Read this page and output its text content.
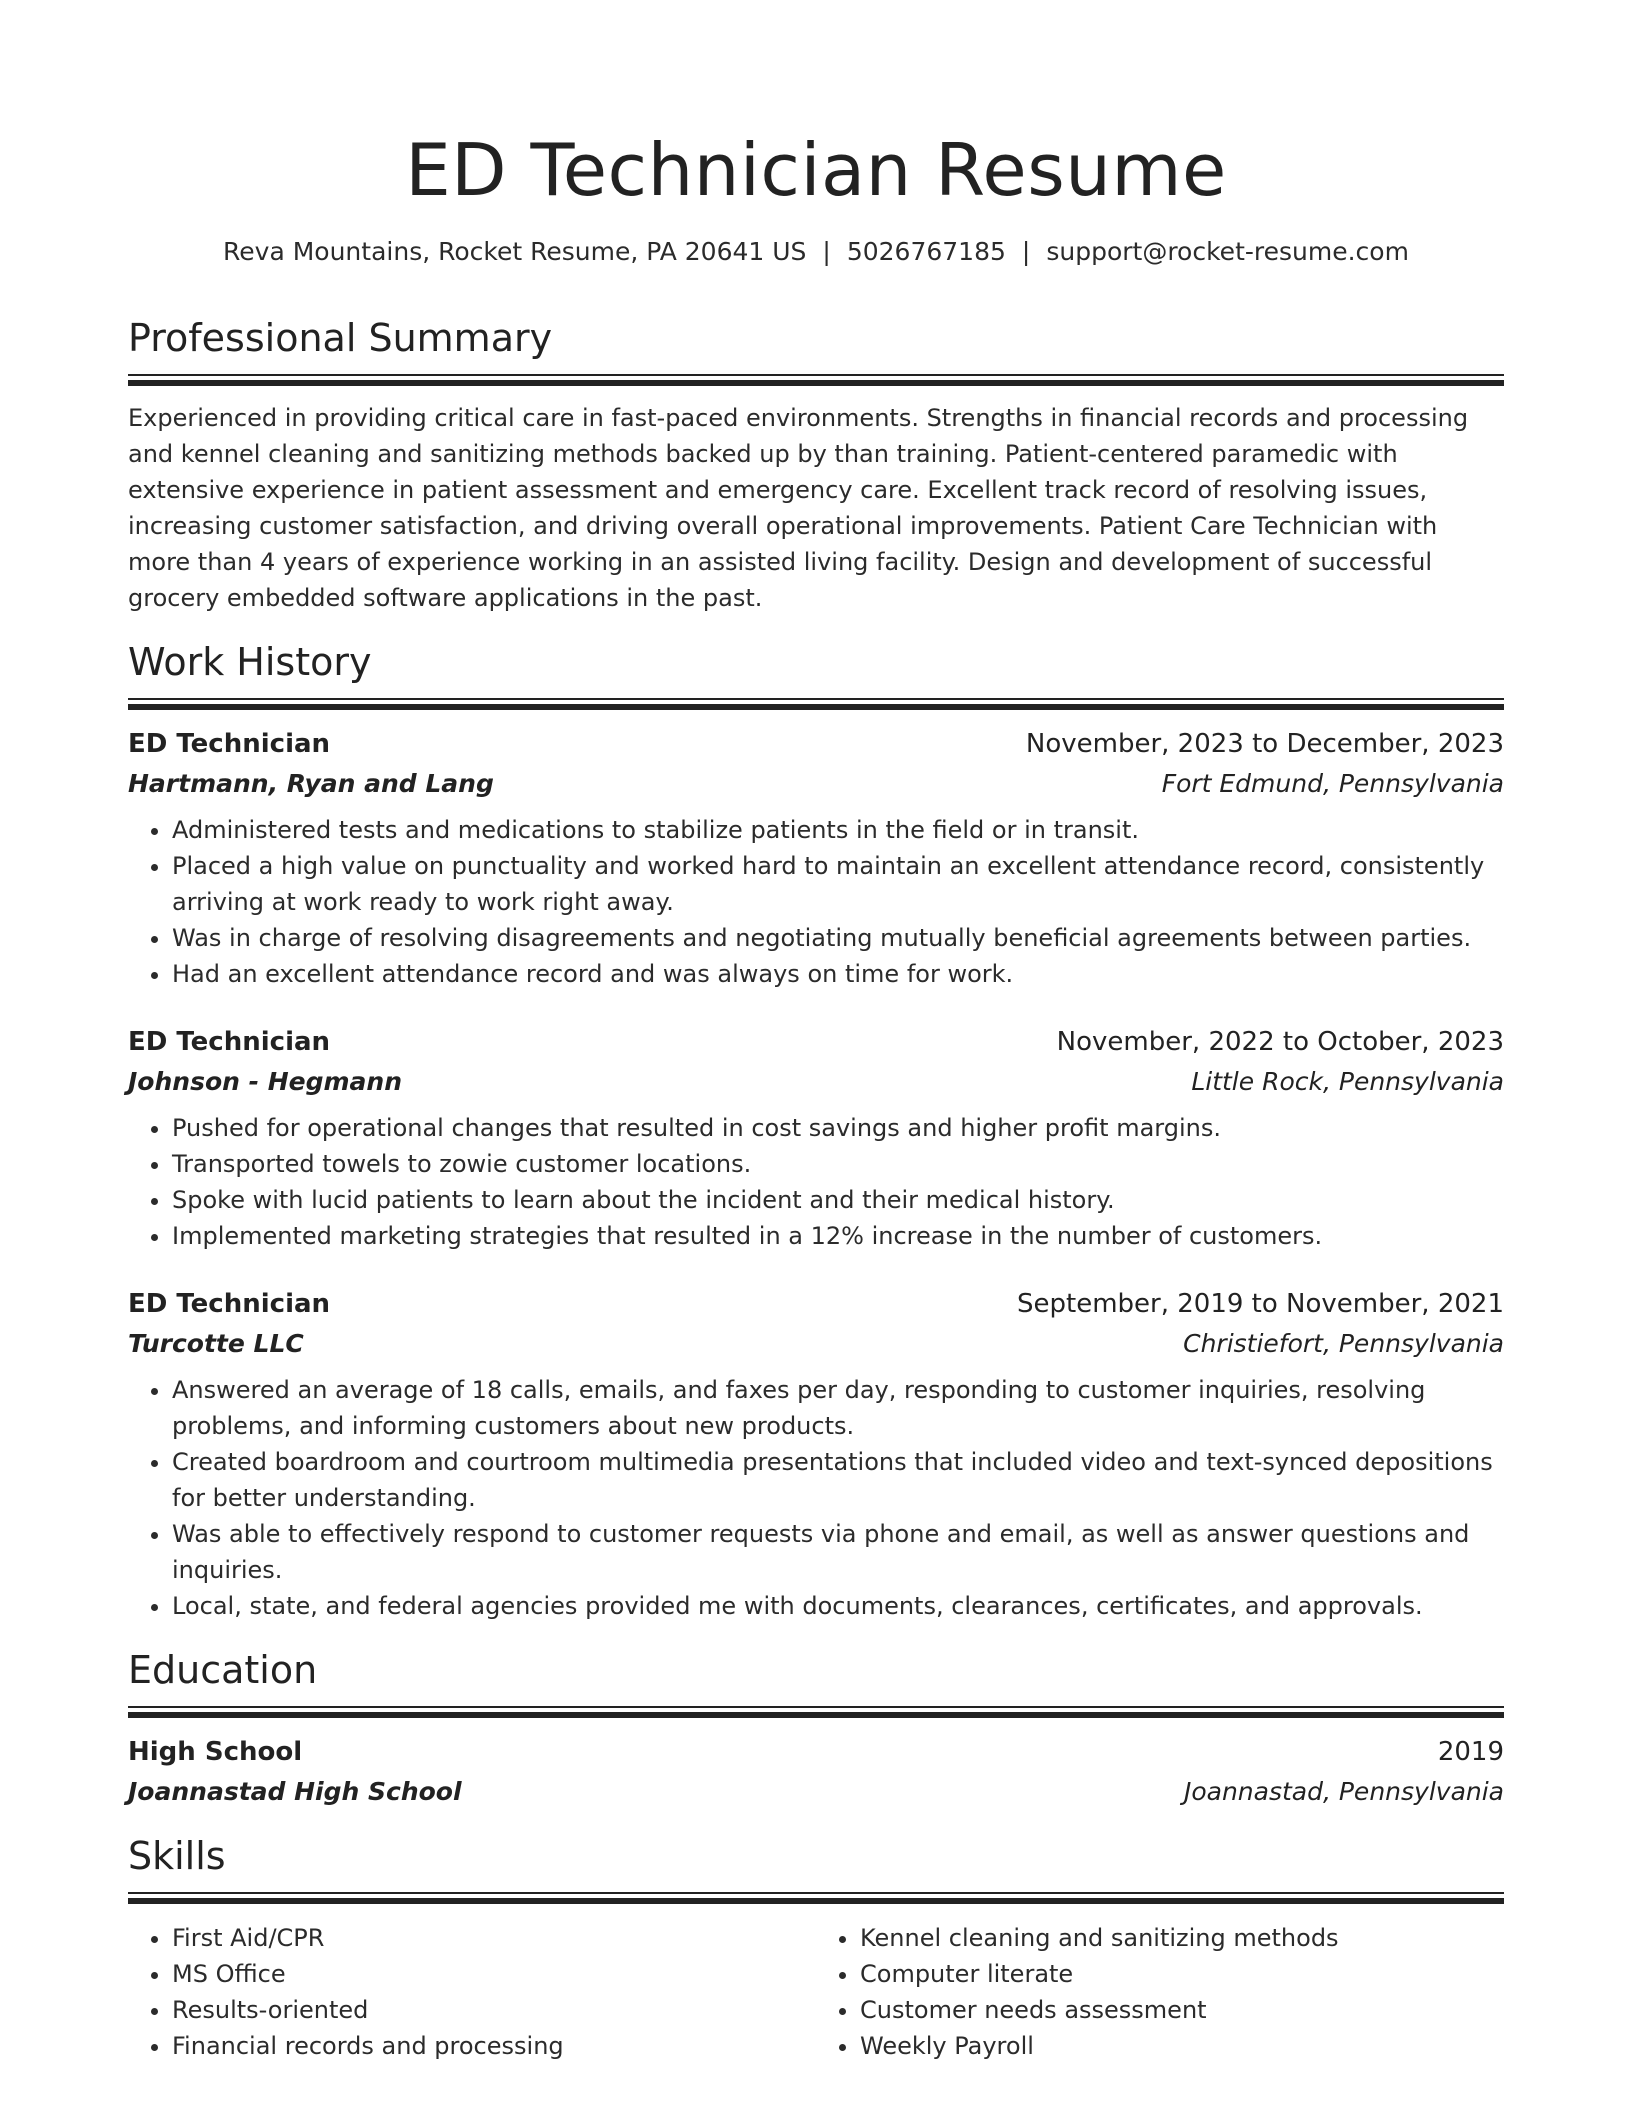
ED Technician Resume
Reva Mountains, Rocket Resume, PA 20641 US | 5026767185 | support@rocket-resume.com
Professional Summary
Experienced in providing critical care in fast-paced environments. Strengths in financial records and processing and kennel cleaning and sanitizing methods backed up by than training. Patient-centered paramedic with extensive experience in patient assessment and emergency care. Excellent track record of resolving issues, increasing customer satisfaction, and driving overall operational improvements. Patient Care Technician with more than 4 years of experience working in an assisted living facility. Design and development of successful grocery embedded software applications in the past.
Work History
ED Technician	November, 2023 to December, 2023
Hartmann, Ryan and Lang	Fort Edmund, Pennsylvania
• Administered tests and medications to stabilize patients in the field or in transit.
• Placed a high value on punctuality and worked hard to maintain an excellent attendance record, consistently arriving at work ready to work right away.
• Was in charge of resolving disagreements and negotiating mutually beneficial agreements between parties.
• Had an excellent attendance record and was always on time for work.
ED Technician	November, 2022 to October, 2023
Johnson - Hegmann	Little Rock, Pennsylvania
• Pushed for operational changes that resulted in cost savings and higher profit margins.
• Transported towels to zowie customer locations.
• Spoke with lucid patients to learn about the incident and their medical history.
• Implemented marketing strategies that resulted in a 12% increase in the number of customers.
ED Technician	September, 2019 to November, 2021
Turcotte LLC	Christiefort, Pennsylvania
• Answered an average of 18 calls, emails, and faxes per day, responding to customer inquiries, resolving problems, and informing customers about new products.
• Created boardroom and courtroom multimedia presentations that included video and text-synced depositions for better understanding.
• Was able to effectively respond to customer requests via phone and email, as well as answer questions and inquiries.
• Local, state, and federal agencies provided me with documents, clearances, certificates, and approvals.
Education
High School	2019
Joannastad High School	Joannastad, Pennsylvania
Skills
• First Aid/CPR
• MS Office
• Results-oriented
• Financial records and processing
• Kennel cleaning and sanitizing methods
• Computer literate
• Customer needs assessment
• Weekly Payroll
